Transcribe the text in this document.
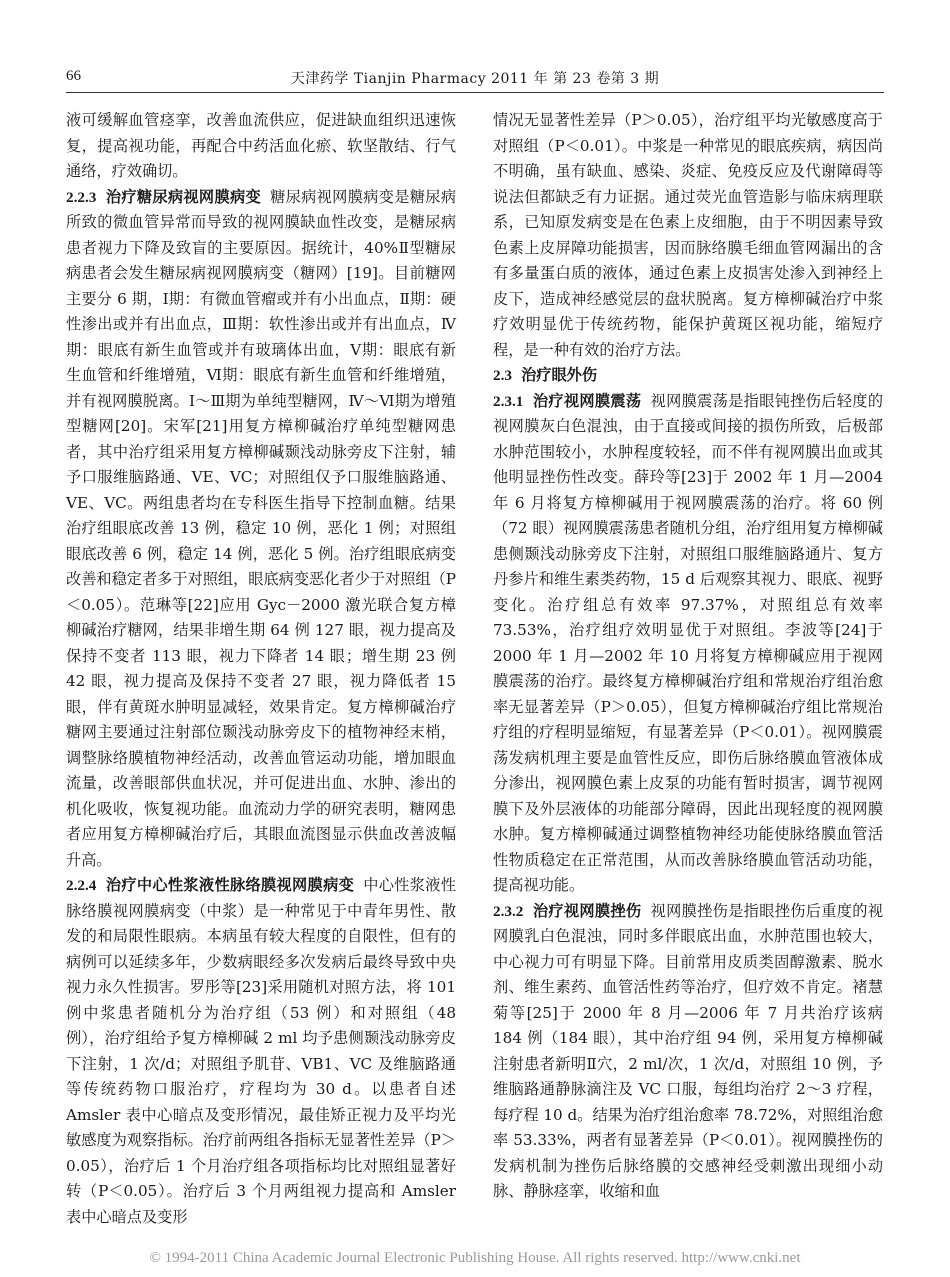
66	天津药学 Tianjin Pharmacy 2011 年 第 23 卷第 3 期

液可缓解血管痉挛，改善血流供应，促进缺血组织迅速恢复，提高视功能，再配合中药活血化瘀、软坚散结、行气通络，疗效确切。

2.2.3 治疗糖尿病视网膜病变 糖尿病视网膜病变是糖尿病所致的微血管异常而导致的视网膜缺血性改变，是糖尿病患者视力下降及致盲的主要原因。据统计，40%Ⅱ型糖尿病患者会发生糖尿病视网膜病变（糖网）[19]。目前糖网主要分 6 期，Ⅰ期：有微血管瘤或并有小出血点，Ⅱ期：硬性渗出或并有出血点，Ⅲ期：软性渗出或并有出血点，Ⅳ期：眼底有新生血管或并有玻璃体出血，Ⅴ期：眼底有新生血管和纤维增殖，Ⅵ期：眼底有新生血管和纤维增殖，并有视网膜脱离。Ⅰ～Ⅲ期为单纯型糖网，Ⅳ～Ⅵ期为增殖型糖网[20]。宋军[21]用复方樟柳碱治疗单纯型糖网患者，其中治疗组采用复方樟柳碱颞浅动脉旁皮下注射，辅予口服维脑路通、VE、VC；对照组仅予口服维脑路通、VE、VC。两组患者均在专科医生指导下控制血糖。结果治疗组眼底改善 13 例，稳定 10 例，恶化 1 例；对照组眼底改善 6 例，稳定 14 例，恶化 5 例。治疗组眼底病变改善和稳定者多于对照组，眼底病变恶化者少于对照组（P＜0.05）。范琳等[22]应用 Gyc－2000 激光联合复方樟柳碱治疗糖网，结果非增生期 64 例 127 眼，视力提高及保持不变者 113 眼，视力下降者 14 眼；增生期 23 例 42 眼，视力提高及保持不变者 27 眼，视力降低者 15 眼，伴有黄斑水肿明显减轻，效果肯定。复方樟柳碱治疗糖网主要通过注射部位颞浅动脉旁皮下的植物神经末梢，调整脉络膜植物神经活动，改善血管运动功能，增加眼血流量，改善眼部供血状况，并可促进出血、水肿、渗出的机化吸收，恢复视功能。血流动力学的研究表明，糖网患者应用复方樟柳碱治疗后，其眼血流图显示供血改善波幅升高。

2.2.4 治疗中心性浆液性脉络膜视网膜病变 中心性浆液性脉络膜视网膜病变（中浆）是一种常见于中青年男性、散发的和局限性眼病。本病虽有较大程度的自限性，但有的病例可以延续多年，少数病眼经多次发病后最终导致中央视力永久性损害。罗彤等[23]采用随机对照方法，将 101 例中浆患者随机分为治疗组（53 例）和对照组（48 例），治疗组给予复方樟柳碱 2 ml 均予患侧颞浅动脉旁皮下注射，1 次/d；对照组予肌苷、VB1、VC 及维脑路通等传统药物口服治疗，疗程均为 30 d。以患者自述 Amsler 表中心暗点及变形情况，最佳矫正视力及平均光敏感度为观察指标。治疗前两组各指标无显著性差异（P＞0.05），治疗后 1 个月治疗组各项指标均比对照组显著好转（P＜0.05）。治疗后 3 个月两组视力提高和 Amsler 表中心暗点及变形

情况无显著性差异（P＞0.05），治疗组平均光敏感度高于对照组（P＜0.01）。中浆是一种常见的眼底疾病，病因尚不明确，虽有缺血、感染、炎症、免疫反应及代谢障碍等说法但都缺乏有力证据。通过荧光血管造影与临床病理联系，已知原发病变是在色素上皮细胞，由于不明因素导致色素上皮屏障功能损害，因而脉络膜毛细血管网漏出的含有多量蛋白质的液体，通过色素上皮损害处渗入到神经上皮下，造成神经感觉层的盘状脱离。复方樟柳碱治疗中浆疗效明显优于传统药物，能保护黄斑区视功能，缩短疗程，是一种有效的治疗方法。

2.3 治疗眼外伤

2.3.1 治疗视网膜震荡 视网膜震荡是指眼钝挫伤后轻度的视网膜灰白色混浊，由于直接或间接的损伤所致，后极部水肿范围较小，水肿程度较轻，而不伴有视网膜出血或其他明显挫伤性改变。薛玲等[23]于 2002 年 1 月—2004 年 6 月将复方樟柳碱用于视网膜震荡的治疗。将 60 例（72 眼）视网膜震荡患者随机分组，治疗组用复方樟柳碱患侧颞浅动脉旁皮下注射，对照组口服维脑路通片、复方丹参片和维生素类药物，15 d 后观察其视力、眼底、视野变化。治疗组总有效率 97.37%，对照组总有效率 73.53%，治疗组疗效明显优于对照组。李波等[24]于 2000 年 1 月—2002 年 10 月将复方樟柳碱应用于视网膜震荡的治疗。最终复方樟柳碱治疗组和常规治疗组治愈率无显著差异（P＞0.05），但复方樟柳碱治疗组比常规治疗组的疗程明显缩短，有显著差异（P＜0.01）。视网膜震荡发病机理主要是血管性反应，即伤后脉络膜血管液体成分渗出，视网膜色素上皮泵的功能有暂时损害，调节视网膜下及外层液体的功能部分障碍，因此出现轻度的视网膜水肿。复方樟柳碱通过调整植物神经功能使脉络膜血管活性物质稳定在正常范围，从而改善脉络膜血管活动功能，提高视功能。

2.3.2 治疗视网膜挫伤 视网膜挫伤是指眼挫伤后重度的视网膜乳白色混浊，同时多伴眼底出血，水肿范围也较大，中心视力可有明显下降。目前常用皮质类固醇激素、脱水剂、维生素药、血管活性药等治疗，但疗效不肯定。褚慧菊等[25]于 2000 年 8 月—2006 年 7 月共治疗该病 184 例（184 眼），其中治疗组 94 例，采用复方樟柳碱注射患者新明Ⅱ穴，2 ml/次，1 次/d，对照组 10 例，予维脑路通静脉滴注及 VC 口服，每组均治疗 2～3 疗程，每疗程 10 d。结果为治疗组治愈率 78.72%，对照组治愈率 53.33%，两者有显著差异（P＜0.01）。视网膜挫伤的发病机制为挫伤后脉络膜的交感神经受刺激出现细小动脉、静脉痉挛，收缩和血

© 1994-2011 China Academic Journal Electronic Publishing House. All rights reserved. http://www.cnki.net
